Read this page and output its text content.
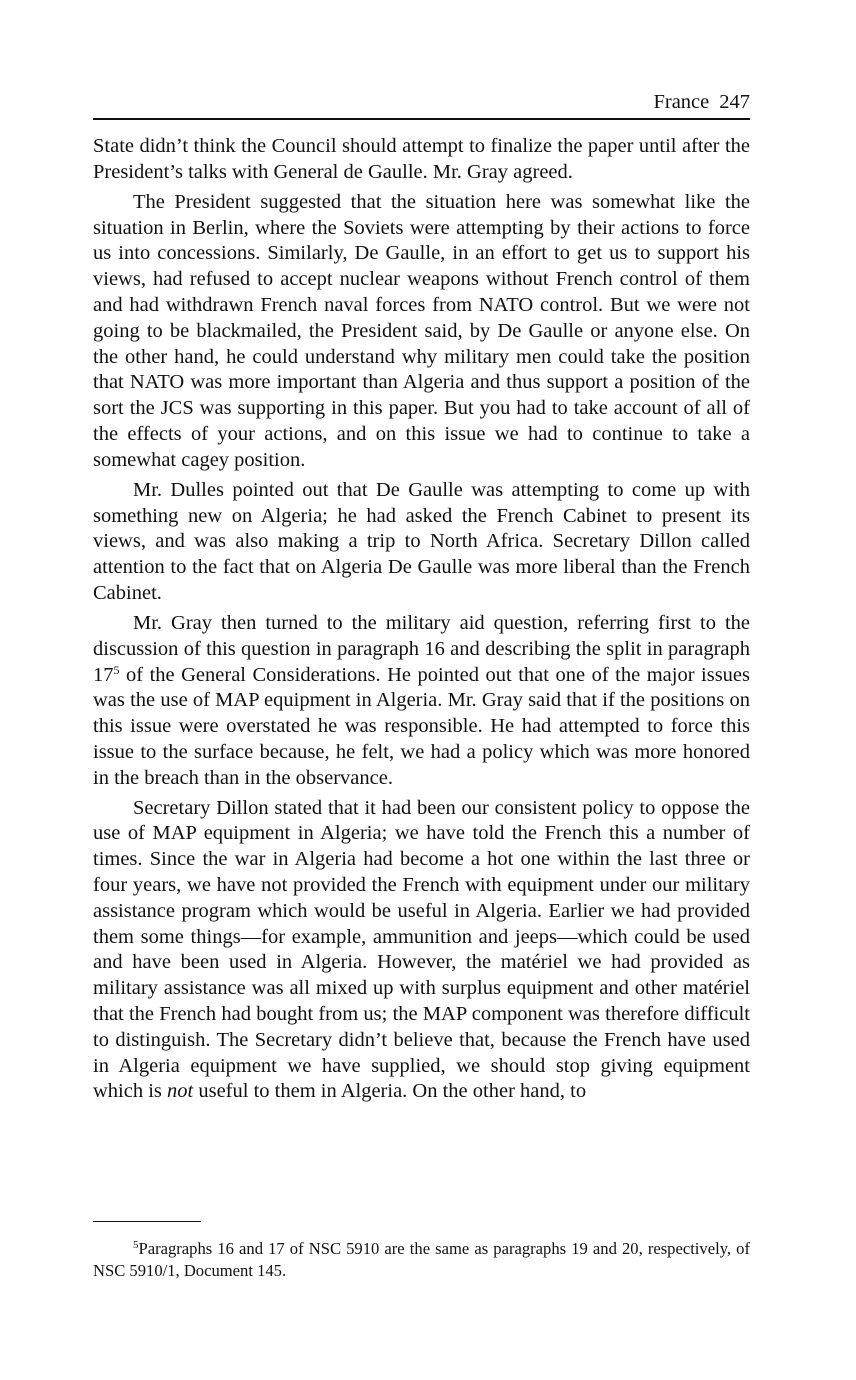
France 247

State didn’t think the Council should attempt to finalize the paper until after the President’s talks with General de Gaulle. Mr. Gray agreed.

The President suggested that the situation here was somewhat like the situation in Berlin, where the Soviets were attempting by their actions to force us into concessions. Similarly, De Gaulle, in an effort to get us to support his views, had refused to accept nuclear weapons without French control of them and had withdrawn French naval forces from NATO control. But we were not going to be blackmailed, the President said, by De Gaulle or anyone else. On the other hand, he could understand why military men could take the position that NATO was more important than Algeria and thus support a position of the sort the JCS was supporting in this paper. But you had to take account of all of the effects of your actions, and on this issue we had to continue to take a somewhat cagey position.

Mr. Dulles pointed out that De Gaulle was attempting to come up with something new on Algeria; he had asked the French Cabinet to present its views, and was also making a trip to North Africa. Secretary Dillon called attention to the fact that on Algeria De Gaulle was more liberal than the French Cabinet.

Mr. Gray then turned to the military aid question, referring first to the discussion of this question in paragraph 16 and describing the split in paragraph $17^5$ of the General Considerations. He pointed out that one of the major issues was the use of MAP equipment in Algeria. Mr. Gray said that if the positions on this issue were overstated he was responsible. He had attempted to force this issue to the surface because, he felt, we had a policy which was more honored in the breach than in the observance.

Secretary Dillon stated that it had been our consistent policy to oppose the use of MAP equipment in Algeria; we have told the French this a number of times. Since the war in Algeria had become a hot one within the last three or four years, we have not provided the French with equipment under our military assistance program which would be useful in Algeria. Earlier we had provided them some things—for example, ammunition and jeeps—which could be used and have been used in Algeria. However, the matériel we had provided as military assistance was all mixed up with surplus equipment and other matériel that the French had bought from us; the MAP component was therefore difficult to distinguish. The Secretary didn’t believe that, because the French have used in Algeria equipment we have supplied, we should stop giving equipment which is not useful to them in Algeria. On the other hand, to

$^5$Paragraphs 16 and 17 of NSC 5910 are the same as paragraphs 19 and 20, respectively, of NSC 5910/1, Document 145.
